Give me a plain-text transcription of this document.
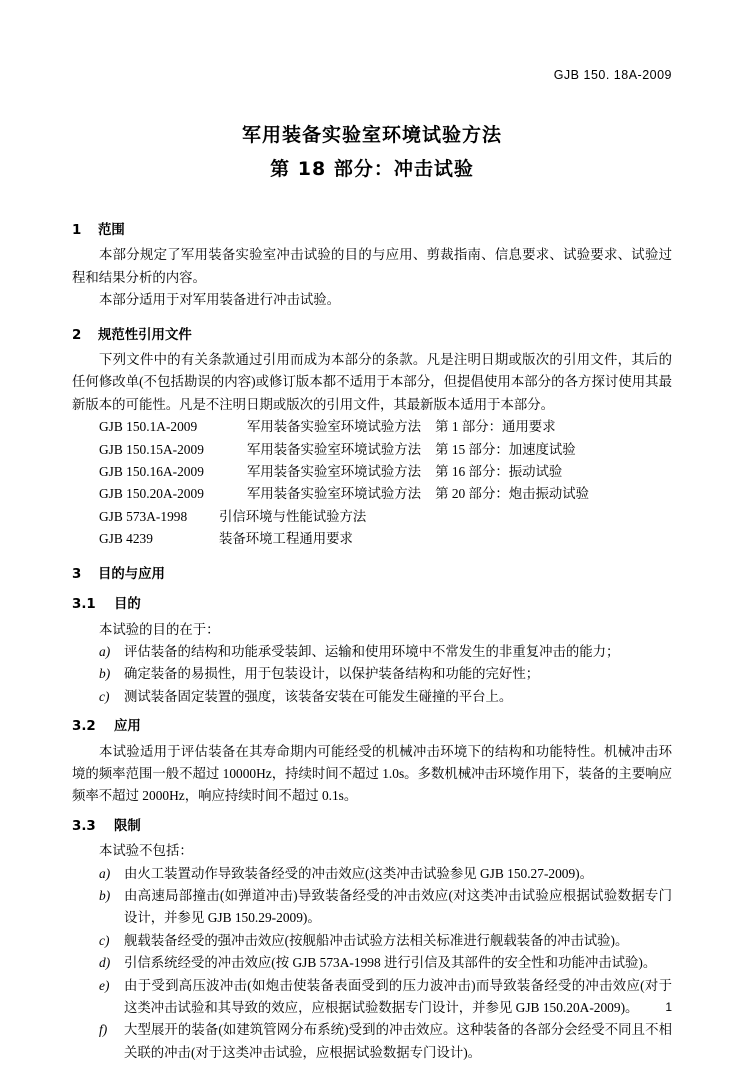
GJB 150. 18A-2009
军用装备实验室环境试验方法
第 18 部分：冲击试验
1 范围

本部分规定了军用装备实验室冲击试验的目的与应用、剪裁指南、信息要求、试验要求、试验过程和结果分析的内容。

本部分适用于对军用装备进行冲击试验。

2 规范性引用文件

下列文件中的有关条款通过引用而成为本部分的条款。凡是注明日期或版次的引用文件，其后的任何修改单(不包括勘误的内容)或修订版本都不适用于本部分，但提倡使用本部分的各方探讨使用其最新版本的可能性。凡是不注明日期或版次的引用文件，其最新版本适用于本部分。

GJB 150.1A-2009	军用装备实验室环境试验方法 第 1 部分：通用要求
GJB 150.15A-2009	军用装备实验室环境试验方法 第 15 部分：加速度试验
GJB 150.16A-2009	军用装备实验室环境试验方法 第 16 部分：振动试验
GJB 150.20A-2009	军用装备实验室环境试验方法 第 20 部分：炮击振动试验
GJB 573A-1998 引信环境与性能试验方法
GJB 4239	装备环境工程通用要求
3 目的与应用
3.1 目的

本试验的目的在于：

a)	评估装备的结构和功能承受装卸、运输和使用环境中不常发生的非重复冲击的能力；
b)	确定装备的易损性，用于包装设计，以保护装备结构和功能的完好性；
c)	测试装备固定装置的强度，该装备安装在可能发生碰撞的平台上。
3.2 应用

本试验适用于评估装备在其寿命期内可能经受的机械冲击环境下的结构和功能特性。机械冲击环境的频率范围一般不超过 10000Hz，持续时间不超过 1.0s。多数机械冲击环境作用下，装备的主要响应频率不超过 2000Hz，响应持续时间不超过 0.1s。

3.3 限制

本试验不包括：

a)	由火工装置动作导致装备经受的冲击效应(这类冲击试验参见 GJB 150.27-2009)。
b)	由高速局部撞击(如弹道冲击)导致装备经受的冲击效应(对这类冲击试验应根据试验数据专门设计，并参见 GJB 150.29-2009)。
c)	舰载装备经受的强冲击效应(按舰船冲击试验方法相关标准进行舰载装备的冲击试验)。
d)	引信系统经受的冲击效应(按 GJB 573A-1998 进行引信及其部件的安全性和功能冲击试验)。
e)	由于受到高压波冲击(如炮击使装备表面受到的压力波冲击)而导致装备经受的冲击效应(对于这类冲击试验和其导致的效应，应根据试验数据专门设计，并参见 GJB 150.20A-2009)。
f)	大型展开的装备(如建筑管网分布系统)受到的冲击效应。这种装备的各部分会经受不同且不相关联的冲击(对于这类冲击试验，应根据试验数据专门设计)。
1
